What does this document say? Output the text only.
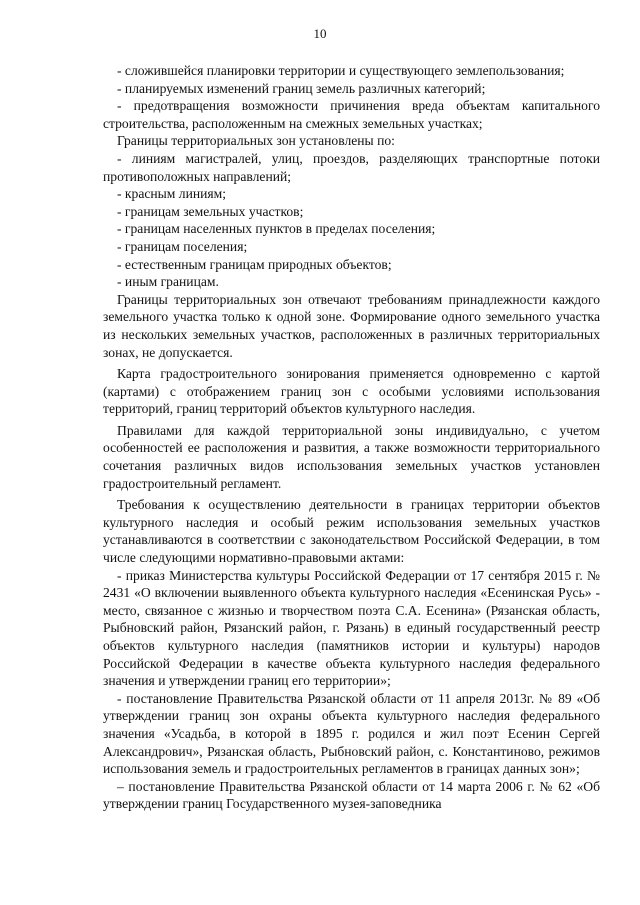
10

- сложившейся планировки территории и существующего землепользования;

- планируемых изменений границ земель различных категорий;

- предотвращения возможности причинения вреда объектам капитального строительства, расположенным на смежных земельных участках;

Границы территориальных зон установлены по:

- линиям магистралей, улиц, проездов, разделяющих транспортные потоки противоположных направлений;

- красным линиям;

- границам земельных участков;

- границам населенных пунктов в пределах поселения;

- границам поселения;

- естественным границам природных объектов;

- иным границам.

Границы территориальных зон отвечают требованиям принадлежности каждого земельного участка только к одной зоне. Формирование одного земельного участка из нескольких земельных участков, расположенных в различных территориальных зонах, не допускается.

Карта градостроительного зонирования применяется одновременно с картой (картами) с отображением границ зон с особыми условиями использования территорий, границ территорий объектов культурного наследия.

Правилами для каждой территориальной зоны индивидуально, с учетом особенностей ее расположения и развития, а также возможности территориального сочетания различных видов использования земельных участков установлен градостроительный регламент.

Требования к осуществлению деятельности в границах территории объектов культурного наследия и особый режим использования земельных участков устанавливаются в соответствии с законодательством Российской Федерации, в том числе следующими нормативно-правовыми актами:

- приказ Министерства культуры Российской Федерации от 17 сентября 2015 г. № 2431 «О включении выявленного объекта культурного наследия «Есенинская Русь» - место, связанное с жизнью и творчеством поэта С.А. Есенина» (Рязанская область, Рыбновский район, Рязанский район, г. Рязань) в единый государственный реестр объектов культурного наследия (памятников истории и культуры) народов Российской Федерации в качестве объекта культурного наследия федерального значения и утверждении границ его территории»;

- постановление Правительства Рязанской области от 11 апреля 2013г. № 89 «Об утверждении границ зон охраны объекта культурного наследия федерального значения «Усадьба, в которой в 1895 г. родился и жил поэт Есенин Сергей Александрович», Рязанская область, Рыбновский район, с. Константиново, режимов использования земель и градостроительных регламентов в границах данных зон»;

– постановление Правительства Рязанской области от 14 марта 2006 г. № 62 «Об утверждении границ Государственного музея-заповедника
